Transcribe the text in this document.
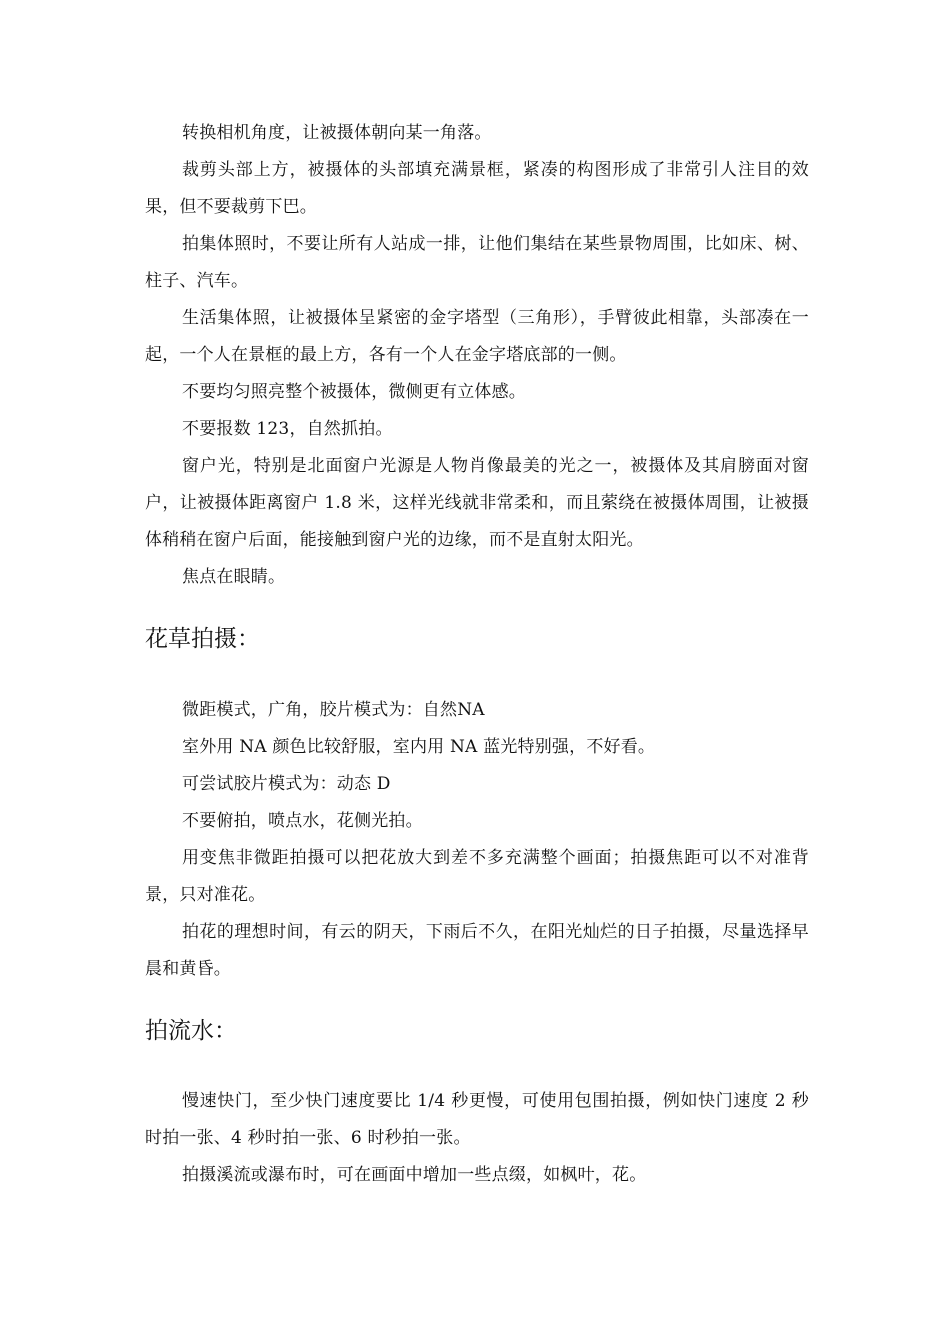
转换相机角度，让被摄体朝向某一角落。

裁剪头部上方，被摄体的头部填充满景框，紧凑的构图形成了非常引人注目的效果，但不要裁剪下巴。

拍集体照时，不要让所有人站成一排，让他们集结在某些景物周围，比如床、树、柱子、汽车。

生活集体照，让被摄体呈紧密的金字塔型（三角形），手臂彼此相靠，头部凑在一起，一个人在景框的最上方，各有一个人在金字塔底部的一侧。

不要均匀照亮整个被摄体，微侧更有立体感。

不要报数 123，自然抓拍。

窗户光，特别是北面窗户光源是人物肖像最美的光之一，被摄体及其肩膀面对窗户，让被摄体距离窗户 1.8 米，这样光线就非常柔和，而且萦绕在被摄体周围，让被摄体稍稍在窗户后面，能接触到窗户光的边缘，而不是直射太阳光。

焦点在眼睛。

花草拍摄：

微距模式，广角，胶片模式为：自然NA

室外用 NA 颜色比较舒服，室内用 NA 蓝光特别强，不好看。

可尝试胶片模式为：动态 D

不要俯拍，喷点水，花侧光拍。

用变焦非微距拍摄可以把花放大到差不多充满整个画面；拍摄焦距可以不对准背景，只对准花。

拍花的理想时间，有云的阴天，下雨后不久，在阳光灿烂的日子拍摄，尽量选择早晨和黄昏。

拍流水：

慢速快门，至少快门速度要比 1/4 秒更慢，可使用包围拍摄，例如快门速度 2 秒时拍一张、4 秒时拍一张、6 时秒拍一张。

拍摄溪流或瀑布时，可在画面中增加一些点缀，如枫叶，花。
